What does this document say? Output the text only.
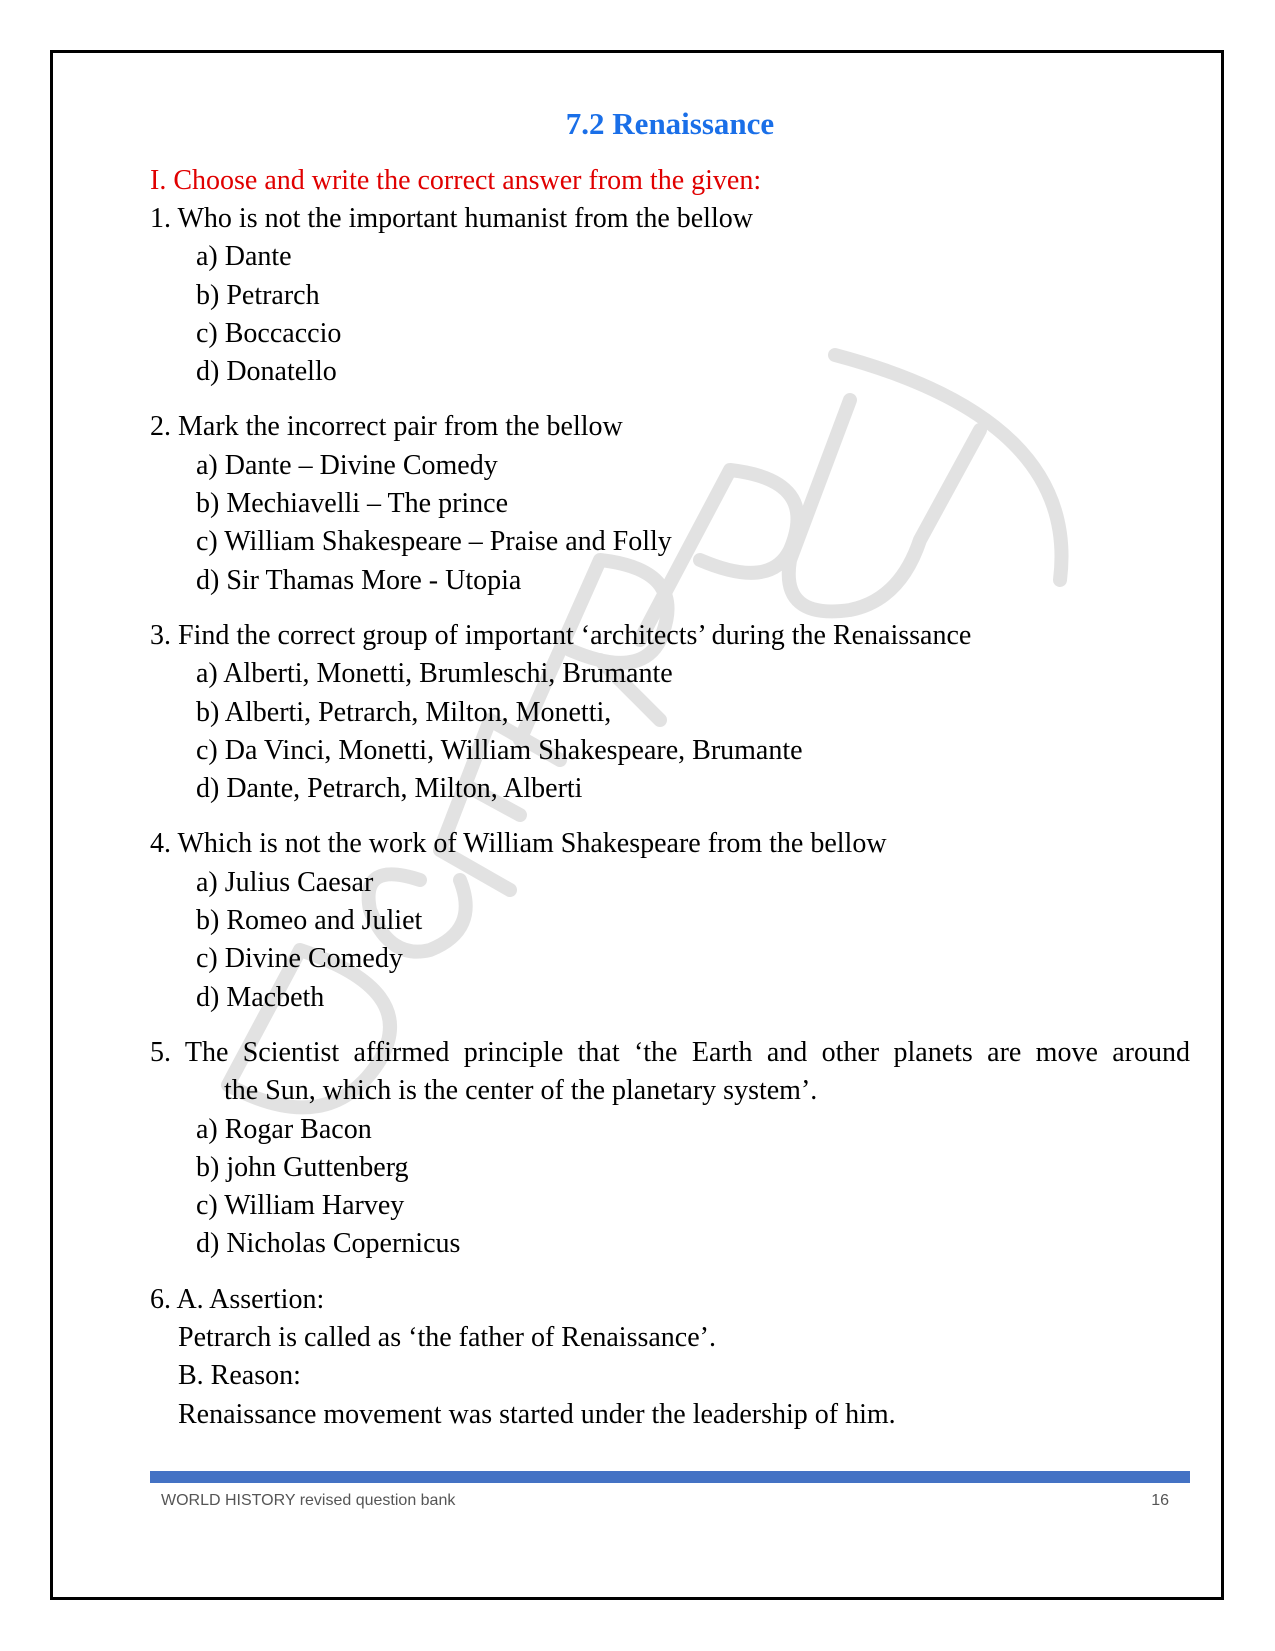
7.2 Renaissance
I. Choose and write the correct answer from the given:
1. Who is not the important humanist from the bellow
a) Dante
b) Petrarch
c) Boccaccio
d) Donatello
2. Mark the incorrect pair from the bellow
a) Dante – Divine Comedy
b) Mechiavelli – The prince
c) William Shakespeare – Praise and Folly
d) Sir Thamas More - Utopia
3. Find the correct group of important ‘architects’ during the Renaissance
a) Alberti, Monetti, Brumleschi, Brumante
b) Alberti, Petrarch, Milton, Monetti,
c) Da Vinci, Monetti, William Shakespeare, Brumante
d) Dante, Petrarch, Milton, Alberti
4. Which is not the work of William Shakespeare from the bellow
a) Julius Caesar
b) Romeo and Juliet
c) Divine Comedy
d) Macbeth
5. The Scientist affirmed principle that ‘the Earth and other planets are move around
the Sun, which is the center of the planetary system’.
a) Rogar Bacon
b) john Guttenberg
c) William Harvey
d) Nicholas Copernicus
6. A. Assertion:
Petrarch is called as ‘the father of Renaissance’.
B. Reason:
Renaissance movement was started under the leadership of him.
WORLD HISTORY revised question bank	16
